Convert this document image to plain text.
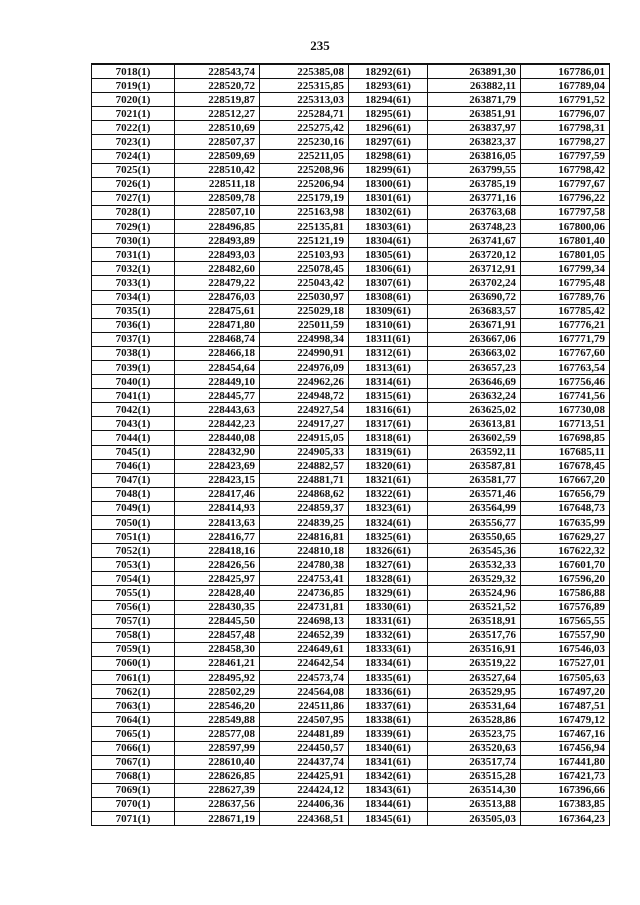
235
7018(1)	228543,74	225385,08	18292(61)	263891,30	167786,01
7019(1)	228520,72	225315,85	18293(61)	263882,11	167789,04
7020(1)	228519,87	225313,03	18294(61)	263871,79	167791,52
7021(1)	228512,27	225284,71	18295(61)	263851,91	167796,07
7022(1)	228510,69	225275,42	18296(61)	263837,97	167798,31
7023(1)	228507,37	225230,16	18297(61)	263823,37	167798,27
7024(1)	228509,69	225211,05	18298(61)	263816,05	167797,59
7025(1)	228510,42	225208,96	18299(61)	263799,55	167798,42
7026(1)	228511,18	225206,94	18300(61)	263785,19	167797,67
7027(1)	228509,78	225179,19	18301(61)	263771,16	167796,22
7028(1)	228507,10	225163,98	18302(61)	263763,68	167797,58
7029(1)	228496,85	225135,81	18303(61)	263748,23	167800,06
7030(1)	228493,89	225121,19	18304(61)	263741,67	167801,40
7031(1)	228493,03	225103,93	18305(61)	263720,12	167801,05
7032(1)	228482,60	225078,45	18306(61)	263712,91	167799,34
7033(1)	228479,22	225043,42	18307(61)	263702,24	167795,48
7034(1)	228476,03	225030,97	18308(61)	263690,72	167789,76
7035(1)	228475,61	225029,18	18309(61)	263683,57	167785,42
7036(1)	228471,80	225011,59	18310(61)	263671,91	167776,21
7037(1)	228468,74	224998,34	18311(61)	263667,06	167771,79
7038(1)	228466,18	224990,91	18312(61)	263663,02	167767,60
7039(1)	228454,64	224976,09	18313(61)	263657,23	167763,54
7040(1)	228449,10	224962,26	18314(61)	263646,69	167756,46
7041(1)	228445,77	224948,72	18315(61)	263632,24	167741,56
7042(1)	228443,63	224927,54	18316(61)	263625,02	167730,08
7043(1)	228442,23	224917,27	18317(61)	263613,81	167713,51
7044(1)	228440,08	224915,05	18318(61)	263602,59	167698,85
7045(1)	228432,90	224905,33	18319(61)	263592,11	167685,11
7046(1)	228423,69	224882,57	18320(61)	263587,81	167678,45
7047(1)	228423,15	224881,71	18321(61)	263581,77	167667,20
7048(1)	228417,46	224868,62	18322(61)	263571,46	167656,79
7049(1)	228414,93	224859,37	18323(61)	263564,99	167648,73
7050(1)	228413,63	224839,25	18324(61)	263556,77	167635,99
7051(1)	228416,77	224816,81	18325(61)	263550,65	167629,27
7052(1)	228418,16	224810,18	18326(61)	263545,36	167622,32
7053(1)	228426,56	224780,38	18327(61)	263532,33	167601,70
7054(1)	228425,97	224753,41	18328(61)	263529,32	167596,20
7055(1)	228428,40	224736,85	18329(61)	263524,96	167586,88
7056(1)	228430,35	224731,81	18330(61)	263521,52	167576,89
7057(1)	228445,50	224698,13	18331(61)	263518,91	167565,55
7058(1)	228457,48	224652,39	18332(61)	263517,76	167557,90
7059(1)	228458,30	224649,61	18333(61)	263516,91	167546,03
7060(1)	228461,21	224642,54	18334(61)	263519,22	167527,01
7061(1)	228495,92	224573,74	18335(61)	263527,64	167505,63
7062(1)	228502,29	224564,08	18336(61)	263529,95	167497,20
7063(1)	228546,20	224511,86	18337(61)	263531,64	167487,51
7064(1)	228549,88	224507,95	18338(61)	263528,86	167479,12
7065(1)	228577,08	224481,89	18339(61)	263523,75	167467,16
7066(1)	228597,99	224450,57	18340(61)	263520,63	167456,94
7067(1)	228610,40	224437,74	18341(61)	263517,74	167441,80
7068(1)	228626,85	224425,91	18342(61)	263515,28	167421,73
7069(1)	228627,39	224424,12	18343(61)	263514,30	167396,66
7070(1)	228637,56	224406,36	18344(61)	263513,88	167383,85
7071(1)	228671,19	224368,51	18345(61)	263505,03	167364,23
